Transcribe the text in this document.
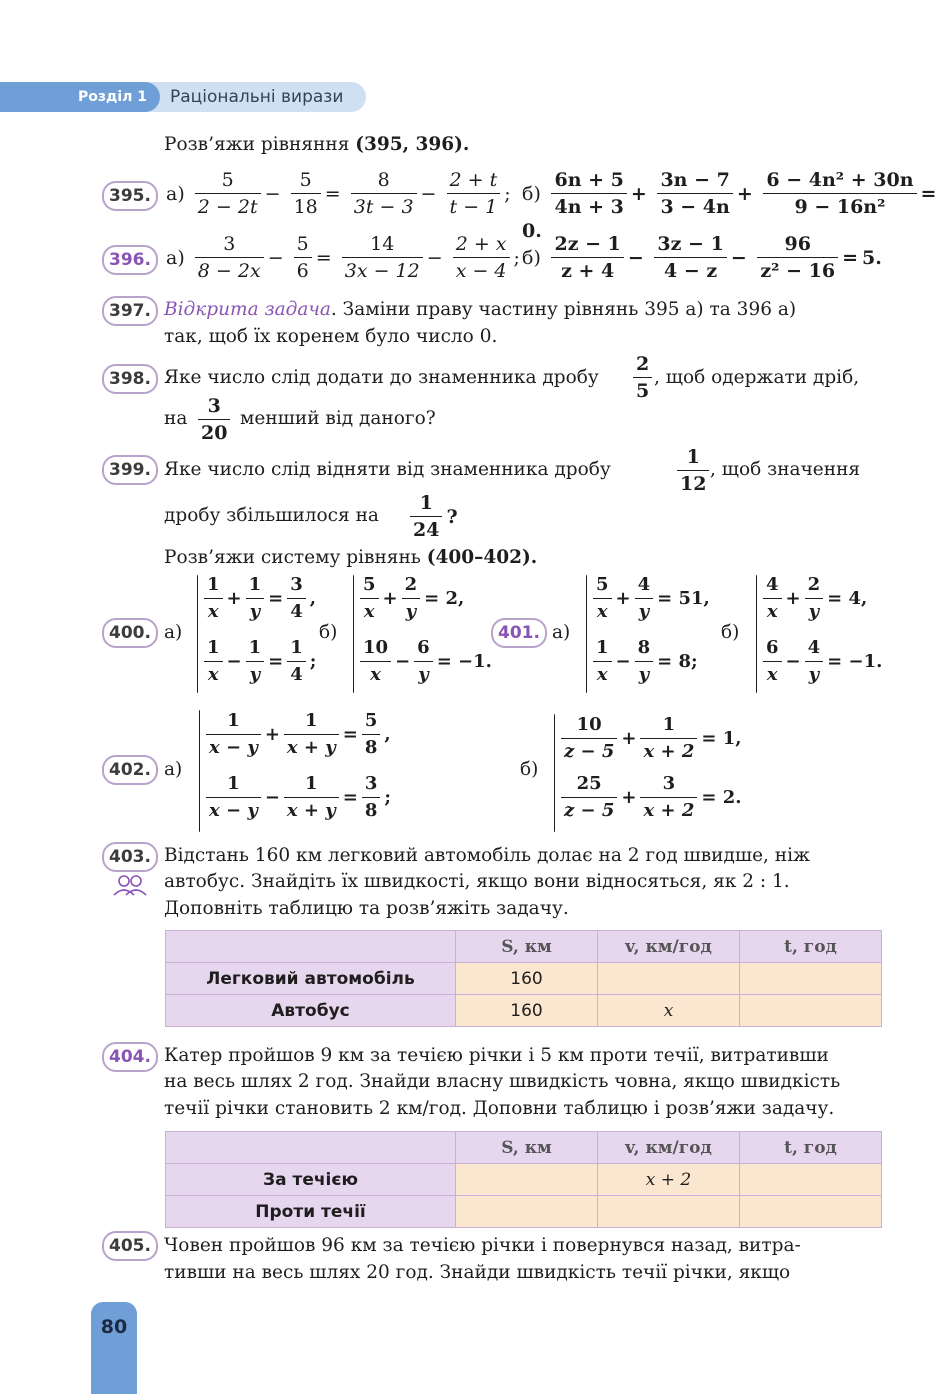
Розділ 1 Раціональні вирази
Розв’яжи рівняння (395, 396).
395. $а) \frac{5}{2 - 2t} - \frac{5}{18} = \frac{8}{3t - 3} - \frac{2 + t}{t - 1}$ ; $б) \frac{6n + 5}{4n + 3} + \frac{3n - 7}{3 - 4n} + \frac{\text{6 − 4n² + 30n}}{\text{9 − 16n²}} =0$.
396. $а) \frac{3}{8 - 2x} - \frac{5}{6} = \frac{14}{3x - 12} - \frac{2 + x}{x - 4}$ ; $б) \frac{2z - 1}{z + 4} - \frac{3z - 1}{4 - z} - \frac{96}{\text{z² − 16}} = 5$.
397. Відкрита задача. Заміни праву частину рівнянь 395 а) та 396 а)
так, щоб їх коренем було число 0.
398. Яке число слід додати до знаменника дробу $\frac{2}{5}$ , щоб одержати дріб,
на $\frac{3}{20}$ менший від даного?
399. Яке число слід відняти від знаменника дробу	$\frac{1}{12}$ , щоб значення
дробу збільшилося на $\frac{1}{24}$ ?
Розв’яжи систему рівнянь (400–402).
400. а)
$\frac{1}{x} + \frac{1}{y} = \frac{3}{4}$ ,
$\frac{1}{x} - \frac{1}{y} = \frac{1}{4}$ ;
б)
$\frac{5}{x} + \frac{2}{y} = 2$,
$\frac{10}{x} - \frac{6}{y} = -1$.
401. а)
$\frac{5}{x} + \frac{4}{y} = 51$,
$\frac{1}{x} - \frac{8}{y} = 8$;
б)
$\frac{4}{x} + \frac{2}{y} = 4$,
$\frac{6}{x} - \frac{4}{y} = -1$.
402. а)
$\frac{1}{x - y} + \frac{1}{x + y} = \frac{5}{8}$ ,
$\frac{1}{x - y} - \frac{1}{x + y} = \frac{3}{8}$ ;
б)
$\frac{10}{z - 5} + \frac{1}{x + 2} = 1$,
$\frac{25}{z - 5} + \frac{3}{x + 2} = 2$.
403. Відстань 160 км легковий автомобіль долає на 2 год швидше, ніж
автобус. Знайдіть їх швидкості, якщо вони відносяться, як 2 : 1.
Доповніть таблицю та розв’яжіть задачу.
	S, км	v, км/год	t, год
Легковий автомобіль	160		
Автобус	160	x	
404. Катер пройшов 9 км за течією річки і 5 км проти течії, витративши
на весь шлях 2 год. Знайди власну швидкість човна, якщо швидкість
течії річки становить 2 км/год. Доповни таблицю і розв’яжи задачу.
	S, км	v, км/год	t, год
За течією		x + 2	
Проти течії			
405. Човен пройшов 96 км за течією річки і повернувся назад, витра-
тивши на весь шлях 20 год. Знайди швидкість течії річки, якщо
80
